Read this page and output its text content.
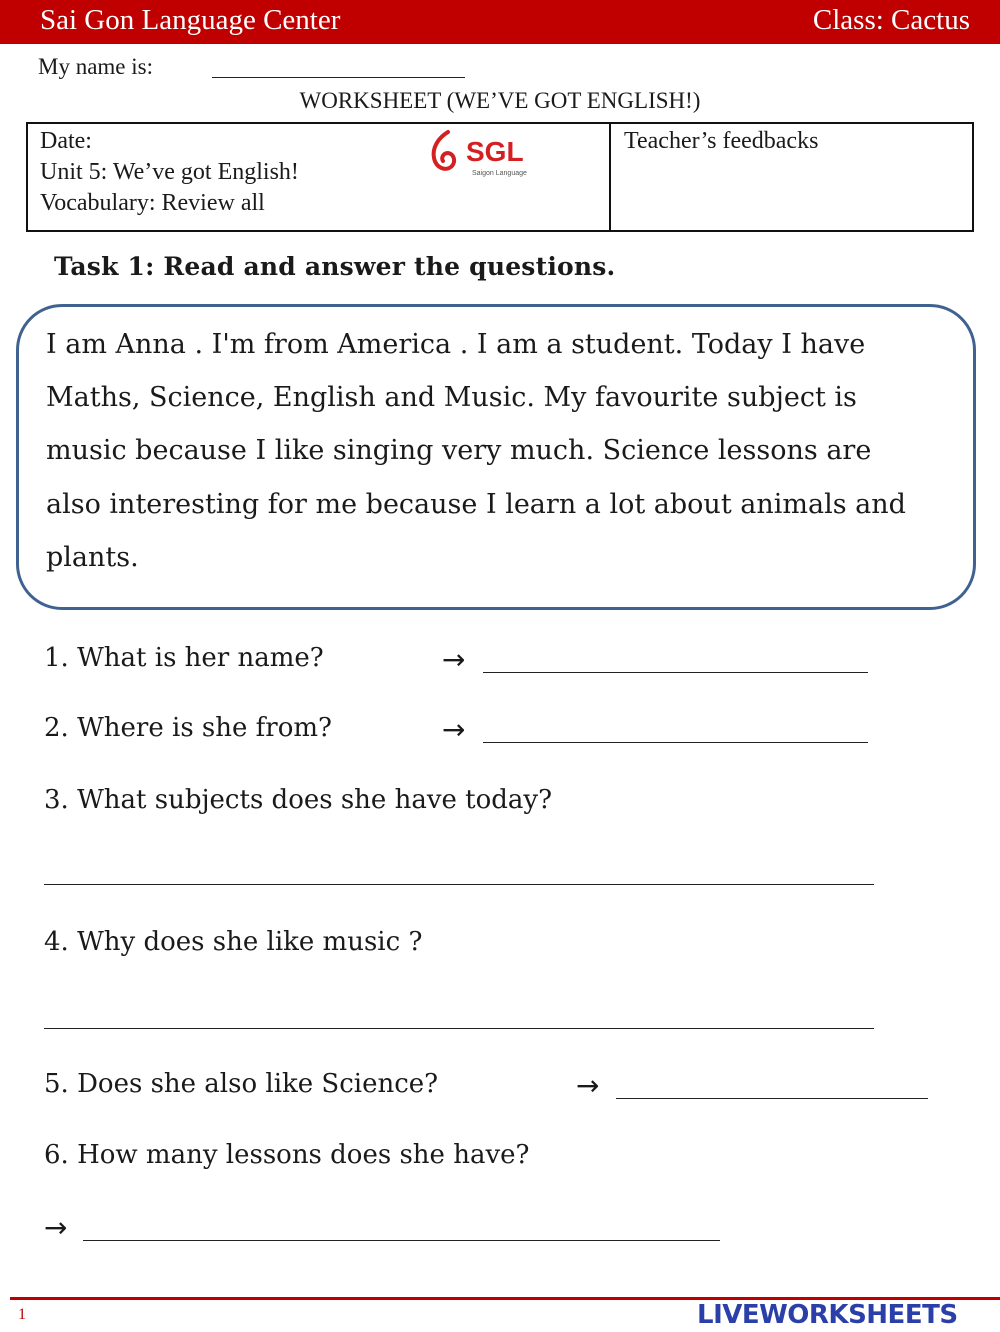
Sai Gon Language Center	Class: Cactus
My name is:
WORKSHEET (WE’VE GOT ENGLISH!)
Date:
Unit 5: We’ve got English!
Vocabulary: Review all
Teacher’s feedbacks
SGL
Saigon Language
Task 1: Read and answer the questions.
I am Anna . I'm from America . I am a student. Today I have
Maths, Science, English and Music. My favourite subject is
music because I like singing very much. Science lessons are
also interesting for me because I learn a lot about animals and
plants.
1. What is her name?	→
2. Where is she from?	→
3. What subjects does she have today?
4. Why does she like music ?
5. Does she also like Science?	→
6. How many lessons does she have?
→
1	LIVEWORKSHEETS
